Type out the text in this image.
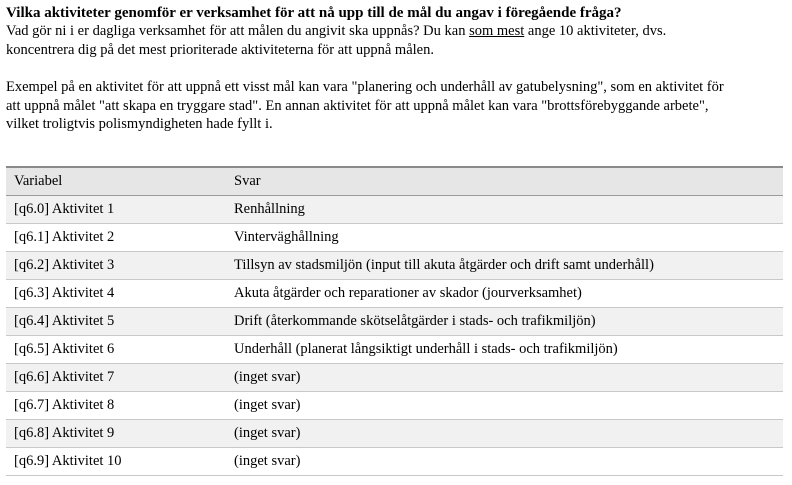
Vilka aktiviteter genomför er verksamhet för att nå upp till de mål du angav i föregående fråga?

Vad gör ni i er dagliga verksamhet för att målen du angivit ska uppnås? Du kan som mest ange 10 aktiviteter, dvs.
koncentrera dig på det mest prioriterade aktiviteterna för att uppnå målen.

Exempel på en aktivitet för att uppnå ett visst mål kan vara "planering och underhåll av gatubelysning", som en aktivitet för
att uppnå målet "att skapa en tryggare stad". En annan aktivitet för att uppnå målet kan vara "brottsförebyggande arbete",
vilket troligtvis polismyndigheten hade fyllt i.

Variabel	Svar
[q6.0] Aktivitet 1	Renhållning
[q6.1] Aktivitet 2	Vinterväghållning
[q6.2] Aktivitet 3	Tillsyn av stadsmiljön (input till akuta åtgärder och drift samt underhåll)
[q6.3] Aktivitet 4	Akuta åtgärder och reparationer av skador (jourverksamhet)
[q6.4] Aktivitet 5	Drift (återkommande skötselåtgärder i stads- och trafikmiljön)
[q6.5] Aktivitet 6	Underhåll (planerat långsiktigt underhåll i stads- och trafikmiljön)
[q6.6] Aktivitet 7	(inget svar)
[q6.7] Aktivitet 8	(inget svar)
[q6.8] Aktivitet 9	(inget svar)
[q6.9] Aktivitet 10	(inget svar)
